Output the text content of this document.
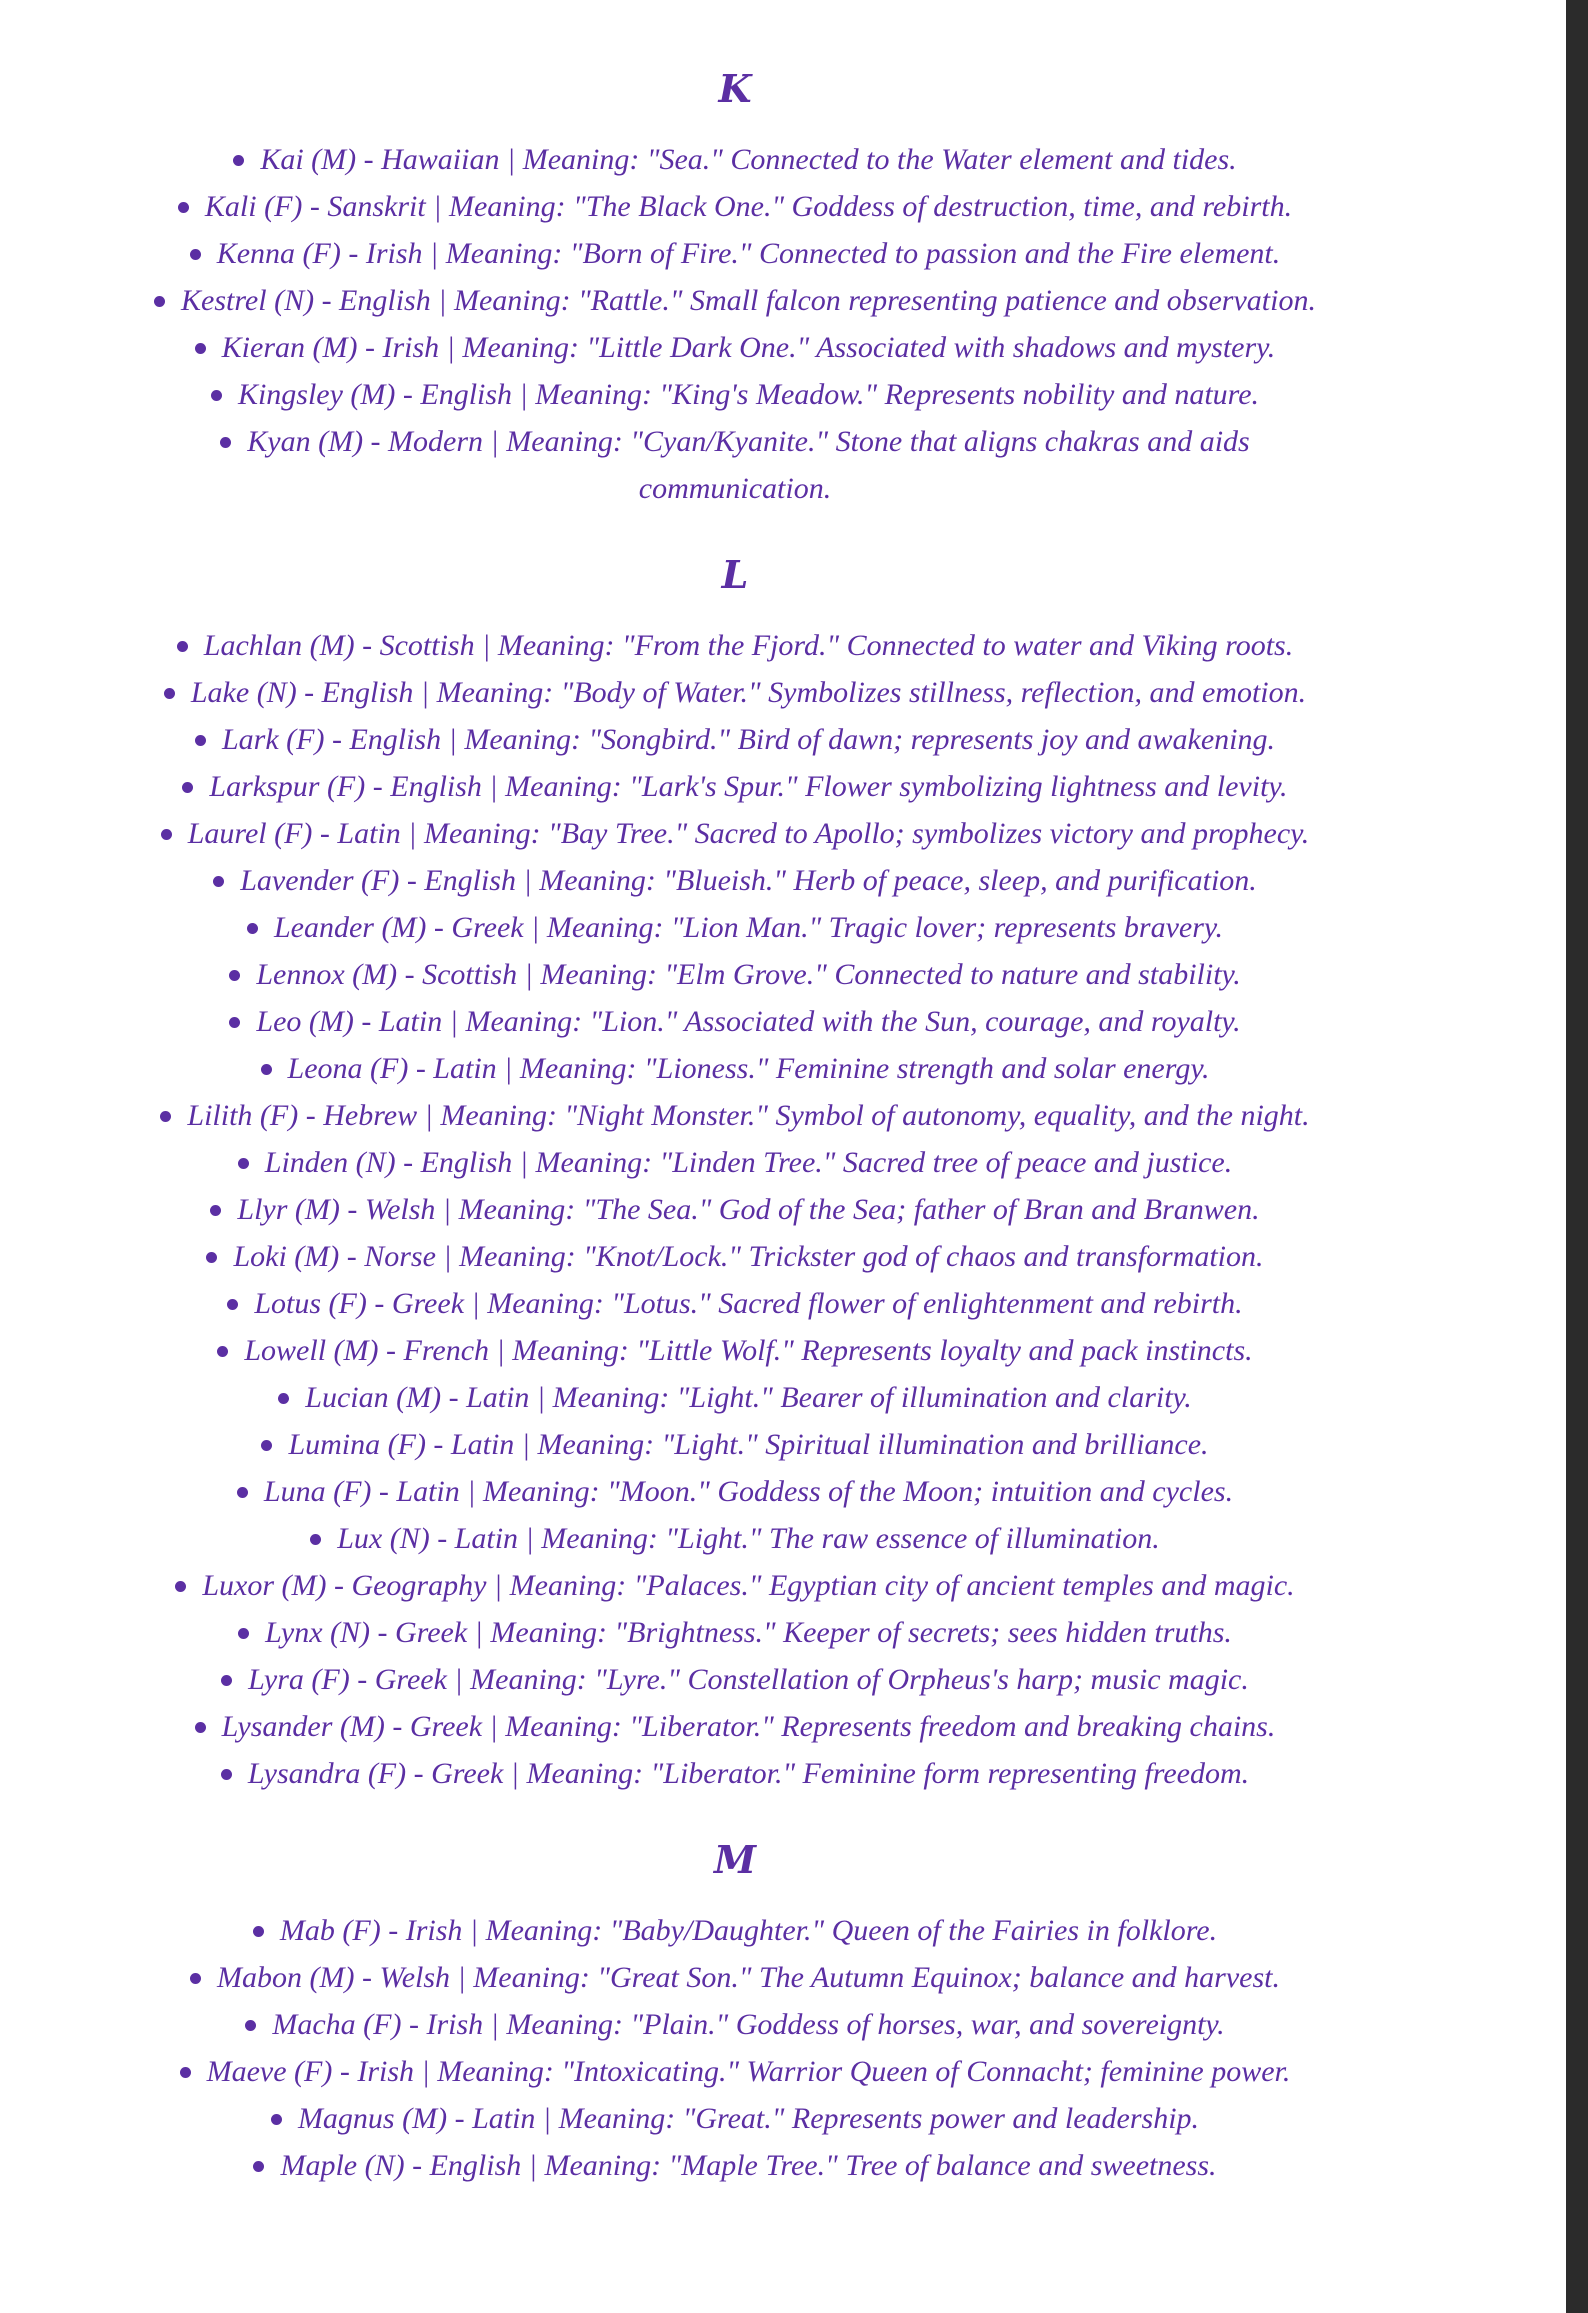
K
Kai (M) - Hawaiian | Meaning: "Sea." Connected to the Water element and tides.
Kali (F) - Sanskrit | Meaning: "The Black One." Goddess of destruction, time, and rebirth.
Kenna (F) - Irish | Meaning: "Born of Fire." Connected to passion and the Fire element.
Kestrel (N) - English | Meaning: "Rattle." Small falcon representing patience and observation.
Kieran (M) - Irish | Meaning: "Little Dark One." Associated with shadows and mystery.
Kingsley (M) - English | Meaning: "King's Meadow." Represents nobility and nature.
Kyan (M) - Modern | Meaning: "Cyan/Kyanite." Stone that aligns chakras and aids communication.
L
Lachlan (M) - Scottish | Meaning: "From the Fjord." Connected to water and Viking roots.
Lake (N) - English | Meaning: "Body of Water." Symbolizes stillness, reflection, and emotion.
Lark (F) - English | Meaning: "Songbird." Bird of dawn; represents joy and awakening.
Larkspur (F) - English | Meaning: "Lark's Spur." Flower symbolizing lightness and levity.
Laurel (F) - Latin | Meaning: "Bay Tree." Sacred to Apollo; symbolizes victory and prophecy.
Lavender (F) - English | Meaning: "Blueish." Herb of peace, sleep, and purification.
Leander (M) - Greek | Meaning: "Lion Man." Tragic lover; represents bravery.
Lennox (M) - Scottish | Meaning: "Elm Grove." Connected to nature and stability.
Leo (M) - Latin | Meaning: "Lion." Associated with the Sun, courage, and royalty.
Leona (F) - Latin | Meaning: "Lioness." Feminine strength and solar energy.
Lilith (F) - Hebrew | Meaning: "Night Monster." Symbol of autonomy, equality, and the night.
Linden (N) - English | Meaning: "Linden Tree." Sacred tree of peace and justice.
Llyr (M) - Welsh | Meaning: "The Sea." God of the Sea; father of Bran and Branwen.
Loki (M) - Norse | Meaning: "Knot/Lock." Trickster god of chaos and transformation.
Lotus (F) - Greek | Meaning: "Lotus." Sacred flower of enlightenment and rebirth.
Lowell (M) - French | Meaning: "Little Wolf." Represents loyalty and pack instincts.
Lucian (M) - Latin | Meaning: "Light." Bearer of illumination and clarity.
Lumina (F) - Latin | Meaning: "Light." Spiritual illumination and brilliance.
Luna (F) - Latin | Meaning: "Moon." Goddess of the Moon; intuition and cycles.
Lux (N) - Latin | Meaning: "Light." The raw essence of illumination.
Luxor (M) - Geography | Meaning: "Palaces." Egyptian city of ancient temples and magic.
Lynx (N) - Greek | Meaning: "Brightness." Keeper of secrets; sees hidden truths.
Lyra (F) - Greek | Meaning: "Lyre." Constellation of Orpheus's harp; music magic.
Lysander (M) - Greek | Meaning: "Liberator." Represents freedom and breaking chains.
Lysandra (F) - Greek | Meaning: "Liberator." Feminine form representing freedom.
M
Mab (F) - Irish | Meaning: "Baby/Daughter." Queen of the Fairies in folklore.
Mabon (M) - Welsh | Meaning: "Great Son." The Autumn Equinox; balance and harvest.
Macha (F) - Irish | Meaning: "Plain." Goddess of horses, war, and sovereignty.
Maeve (F) - Irish | Meaning: "Intoxicating." Warrior Queen of Connacht; feminine power.
Magnus (M) - Latin | Meaning: "Great." Represents power and leadership.
Maple (N) - English | Meaning: "Maple Tree." Tree of balance and sweetness.
